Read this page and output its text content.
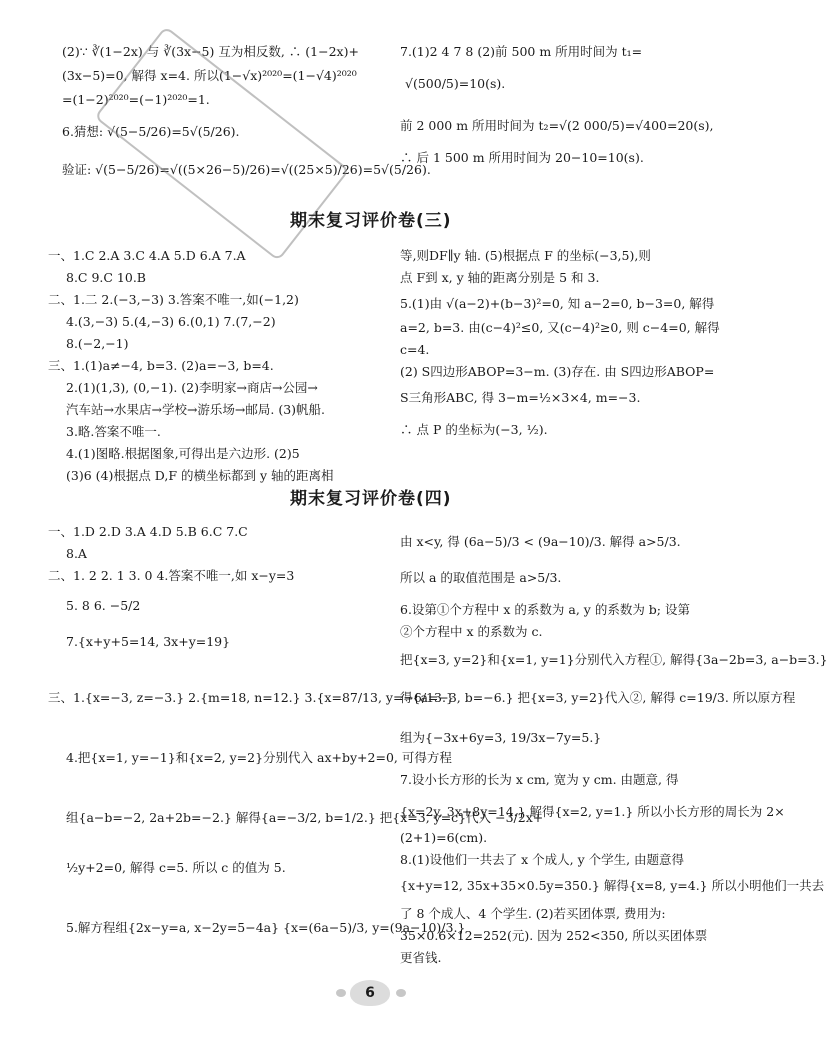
(2)∵ ∛(1−2x) 与 ∛(3x−5) 互为相反数, ∴ (1−2x)+
(3x−5)=0, 解得 x=4. 所以(1−√x)²⁰²⁰=(1−√4)²⁰²⁰
=(1−2)²⁰²⁰=(−1)²⁰²⁰=1.
6.猜想: √(5−5/26)=5√(5/26).
验证: √(5−5/26)=√((5×26−5)/26)=√((25×5)/26)=5√(5/26).
7.(1)2 4 7 8 (2)前 500 m 所用时间为 t₁=
√(500/5)=10(s).
前 2 000 m 所用时间为 t₂=√(2 000/5)=√400=20(s),
∴ 后 1 500 m 所用时间为 20−10=10(s).
期末复习评价卷(三)
一、1.C 2.A 3.C 4.A 5.D 6.A 7.A
8.C 9.C 10.B
二、1.二 2.(−3,−3) 3.答案不唯一,如(−1,2)
4.(3,−3) 5.(4,−3) 6.(0,1) 7.(7,−2)
8.(−2,−1)
三、1.(1)a≠−4, b=3. (2)a=−3, b=4.
2.(1)(1,3), (0,−1). (2)李明家→商店→公园→
汽车站→水果店→学校→游乐场→邮局. (3)帆船.
3.略.答案不唯一.
4.(1)图略.根据图象,可得出是六边形. (2)5
(3)6 (4)根据点 D,F 的横坐标都到 y 轴的距离相
等,则DF∥y 轴. (5)根据点 F 的坐标(−3,5),则
点 F到 x, y 轴的距离分别是 5 和 3.
5.(1)由 √(a−2)+(b−3)²=0, 知 a−2=0, b−3=0, 解得
a=2, b=3. 由(c−4)²≤0, 又(c−4)²≥0, 则 c−4=0, 解得
c=4.
(2) S四边形ABOP=3−m. (3)存在. 由 S四边形ABOP=
S三角形ABC, 得 3−m=½×3×4, m=−3.
∴ 点 P 的坐标为(−3, ½).
期末复习评价卷(四)
一、1.D 2.D 3.A 4.D 5.B 6.C 7.C
8.A
二、1. 2 2. 1 3. 0 4.答案不唯一,如 x−y=3
5. 8 6. −5/2
7.{x+y+5=14, 3x+y=19}
三、1.{x=−3, z=−3.} 2.{m=18, n=12.} 3.{x=87/13, y=−6/13.}
4.把{x=1, y=−1}和{x=2, y=2}分别代入 ax+by+2=0, 可得方程
组{a−b=−2, 2a+2b=−2.} 解得{a=−3/2, b=1/2.} 把{x=3, y=c}代入 −3/2x+
½y+2=0, 解得 c=5. 所以 c 的值为 5.
5.解方程组{2x−y=a, x−2y=5−4a} {x=(6a−5)/3, y=(9a−10)/3.}
由 x<y, 得 (6a−5)/3 < (9a−10)/3. 解得 a>5/3.
所以 a 的取值范围是 a>5/3.
6.设第①个方程中 x 的系数为 a, y 的系数为 b; 设第
②个方程中 x 的系数为 c.
把{x=3, y=2}和{x=1, y=1}分别代入方程①, 解得{3a−2b=3, a−b=3.}
得{a=−3, b=−6.} 把{x=3, y=2}代入②, 解得 c=19/3. 所以原方程
组为{−3x+6y=3, 19/3x−7y=5.}
7.设小长方形的长为 x cm, 宽为 y cm. 由题意, 得
{x=2y, 3x+8y=14.} 解得{x=2, y=1.} 所以小长方形的周长为 2×
(2+1)=6(cm).
8.(1)设他们一共去了 x 个成人, y 个学生, 由题意得
{x+y=12, 35x+35×0.5y=350.} 解得{x=8, y=4.} 所以小明他们一共去
了 8 个成人、4 个学生. (2)若买团体票, 费用为:
35×0.6×12=252(元). 因为 252<350, 所以买团体票
更省钱.
6
